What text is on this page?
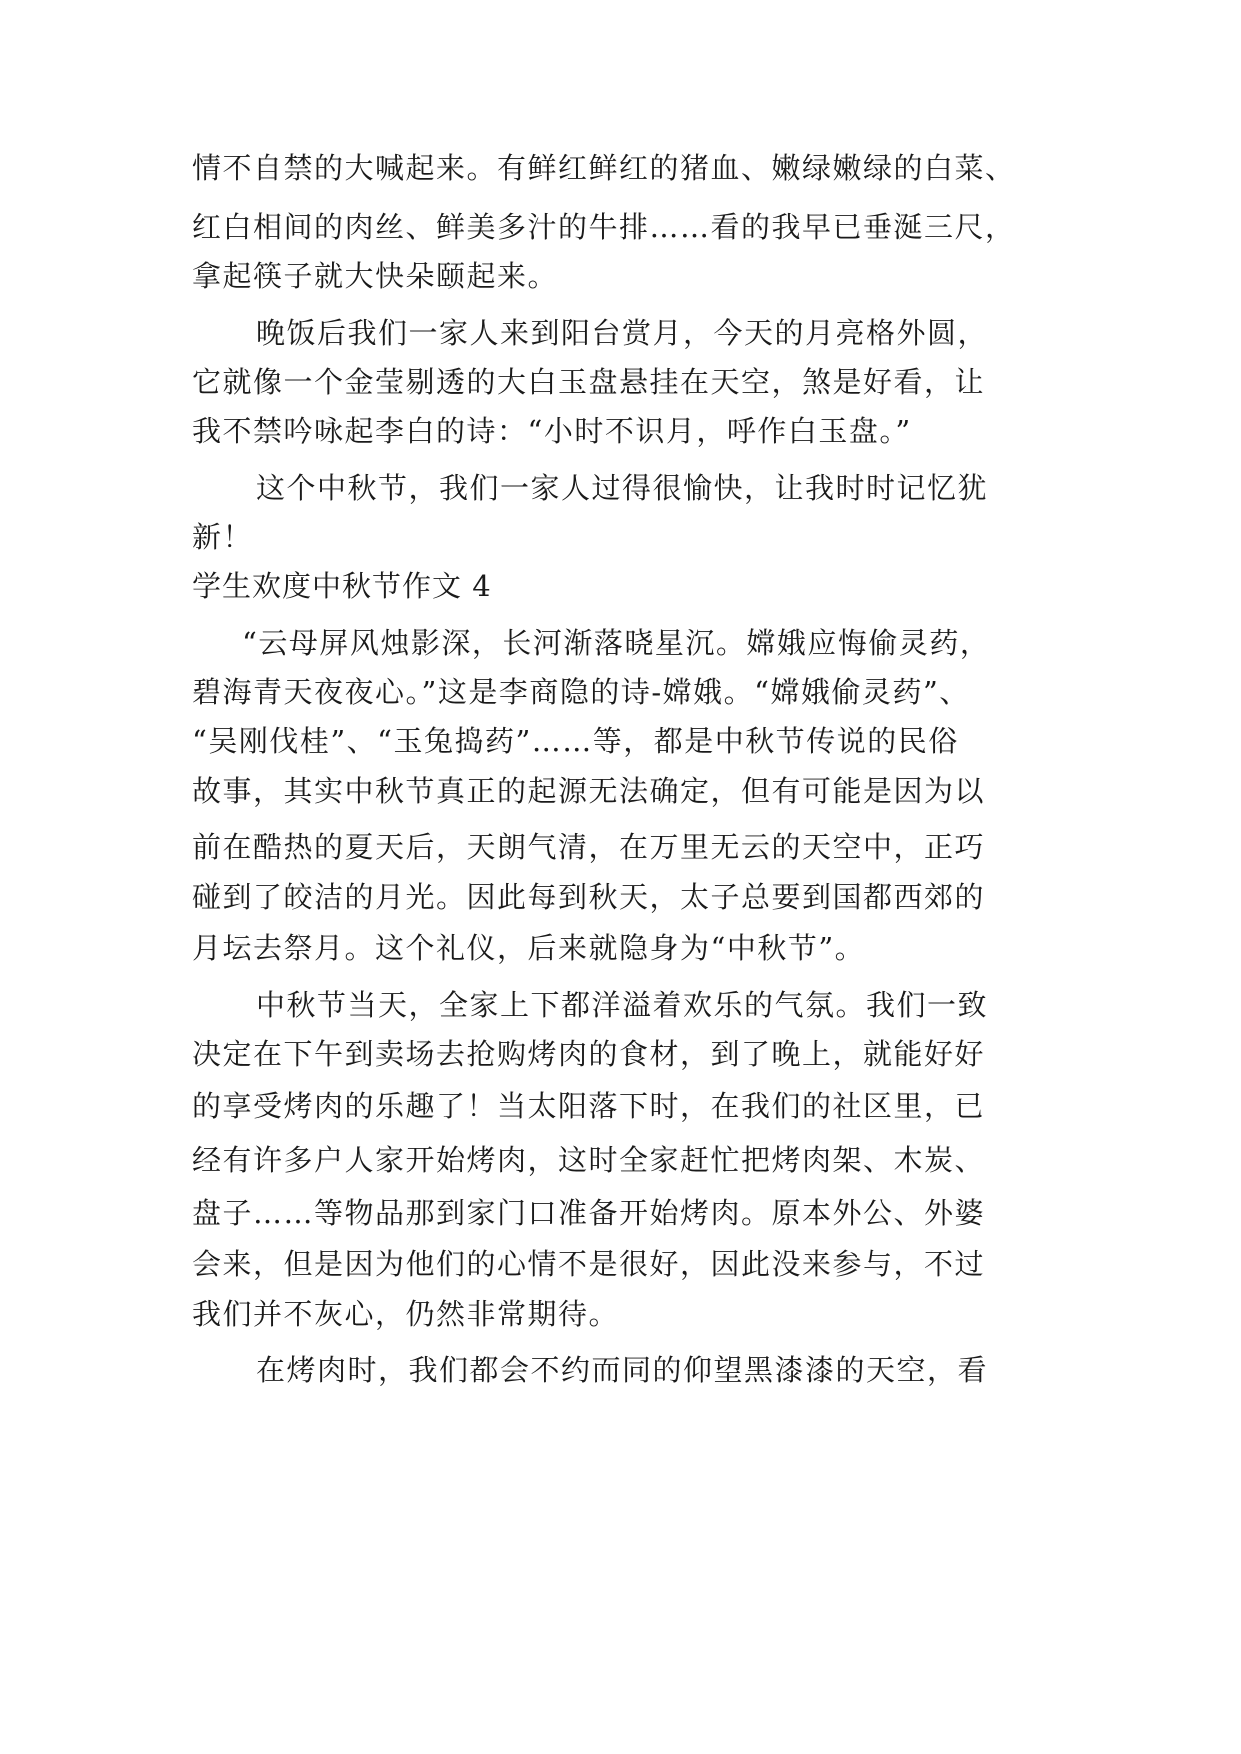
情不自禁的大喊起来。有鲜红鲜红的猪血、嫩绿嫩绿的白菜、
红白相间的肉丝、鲜美多汁的牛排……看的我早已垂涎三尺，
拿起筷子就大快朵颐起来。
晚饭后我们一家人来到阳台赏月，今天的月亮格外圆，
它就像一个金莹剔透的大白玉盘悬挂在天空，煞是好看，让
我不禁吟咏起李白的诗：“小时不识月，呼作白玉盘。”
这个中秋节，我们一家人过得很愉快，让我时时记忆犹
新！
学生欢度中秋节作文 4
“云母屏风烛影深，长河渐落晓星沉。嫦娥应悔偷灵药，
碧海青天夜夜心。”这是李商隐的诗-嫦娥。“嫦娥偷灵药”、
“吴刚伐桂”、“玉兔捣药”……等，都是中秋节传说的民俗
故事，其实中秋节真正的起源无法确定，但有可能是因为以
前在酷热的夏天后，天朗气清，在万里无云的天空中，正巧
碰到了皎洁的月光。因此每到秋天，太子总要到国都西郊的
月坛去祭月。这个礼仪，后来就隐身为“中秋节”。
中秋节当天，全家上下都洋溢着欢乐的气氛。我们一致
决定在下午到卖场去抢购烤肉的食材，到了晚上，就能好好
的享受烤肉的乐趣了！当太阳落下时，在我们的社区里，已
经有许多户人家开始烤肉，这时全家赶忙把烤肉架、木炭、
盘子……等物品那到家门口准备开始烤肉。原本外公、外婆
会来，但是因为他们的心情不是很好，因此没来参与，不过
我们并不灰心，仍然非常期待。
在烤肉时，我们都会不约而同的仰望黑漆漆的天空，看
